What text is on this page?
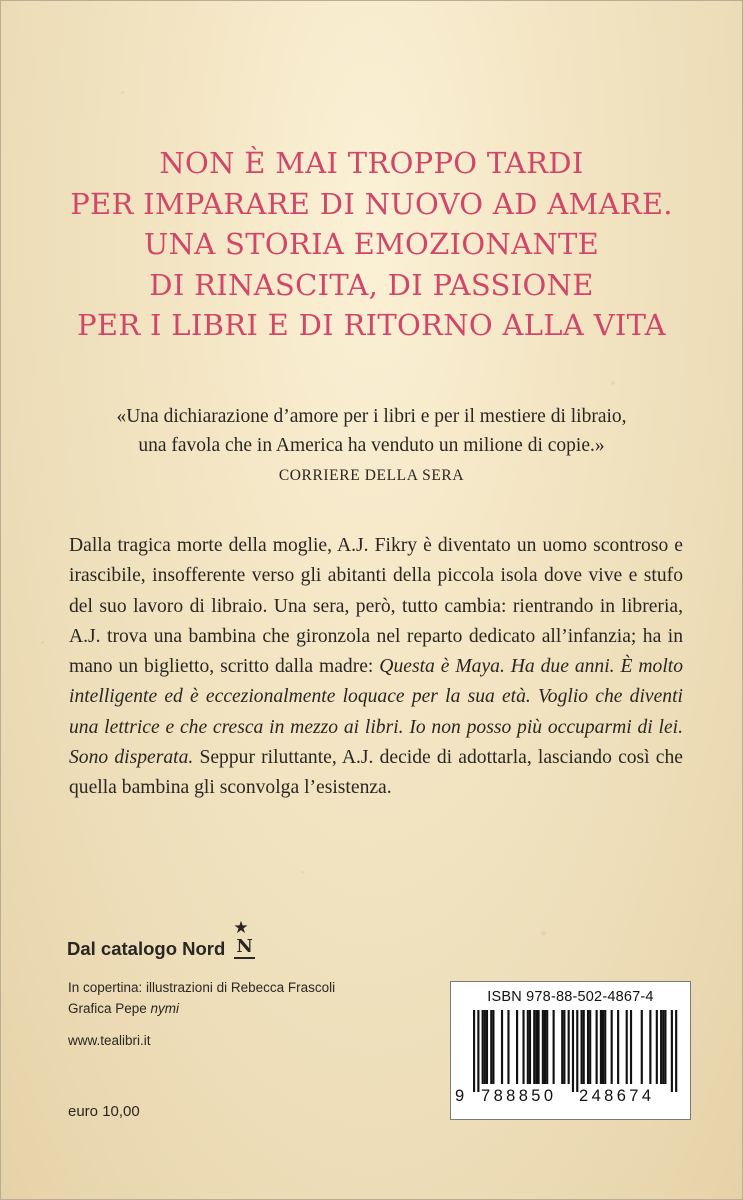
NON È MAI TROPPO TARDI
PER IMPARARE DI NUOVO AD AMARE.
UNA STORIA EMOZIONANTE
DI RINASCITA, DI PASSIONE
PER I LIBRI E DI RITORNO ALLA VITA
«Una dichiarazione d’amore per i libri e per il mestiere di libraio,
una favola che in America ha venduto un milione di copie.»
CORRIERE DELLA SERA

Dalla tragica morte della moglie, A.J. Fikry è diventato un uomo scontroso e irascibile, insofferente verso gli abitanti della piccola isola dove vive e stufo del suo lavoro di libraio. Una sera, però, tutto cambia: rientrando in libreria, A.J. trova una bambina che gironzola nel reparto dedicato all’infanzia; ha in mano un biglietto, scritto dalla madre: Questa è Maya. Ha due anni. È molto intelligente ed è eccezionalmente loquace per la sua età. Voglio che diventi una lettrice e che cresca in mezzo ai libri. Io non posso più occuparmi di lei. Sono disperata. Seppur riluttante, A.J. decide di adottarla, lasciando così che quella bambina gli sconvolga l’esistenza.

Dal catalogo Nord
★
N
In copertina: illustrazioni di Rebecca Frascoli
Grafica Pepe nymi
www.tealibri.it
euro 10,00
ISBN 978-88-502-4867-4
9 788850 248674
